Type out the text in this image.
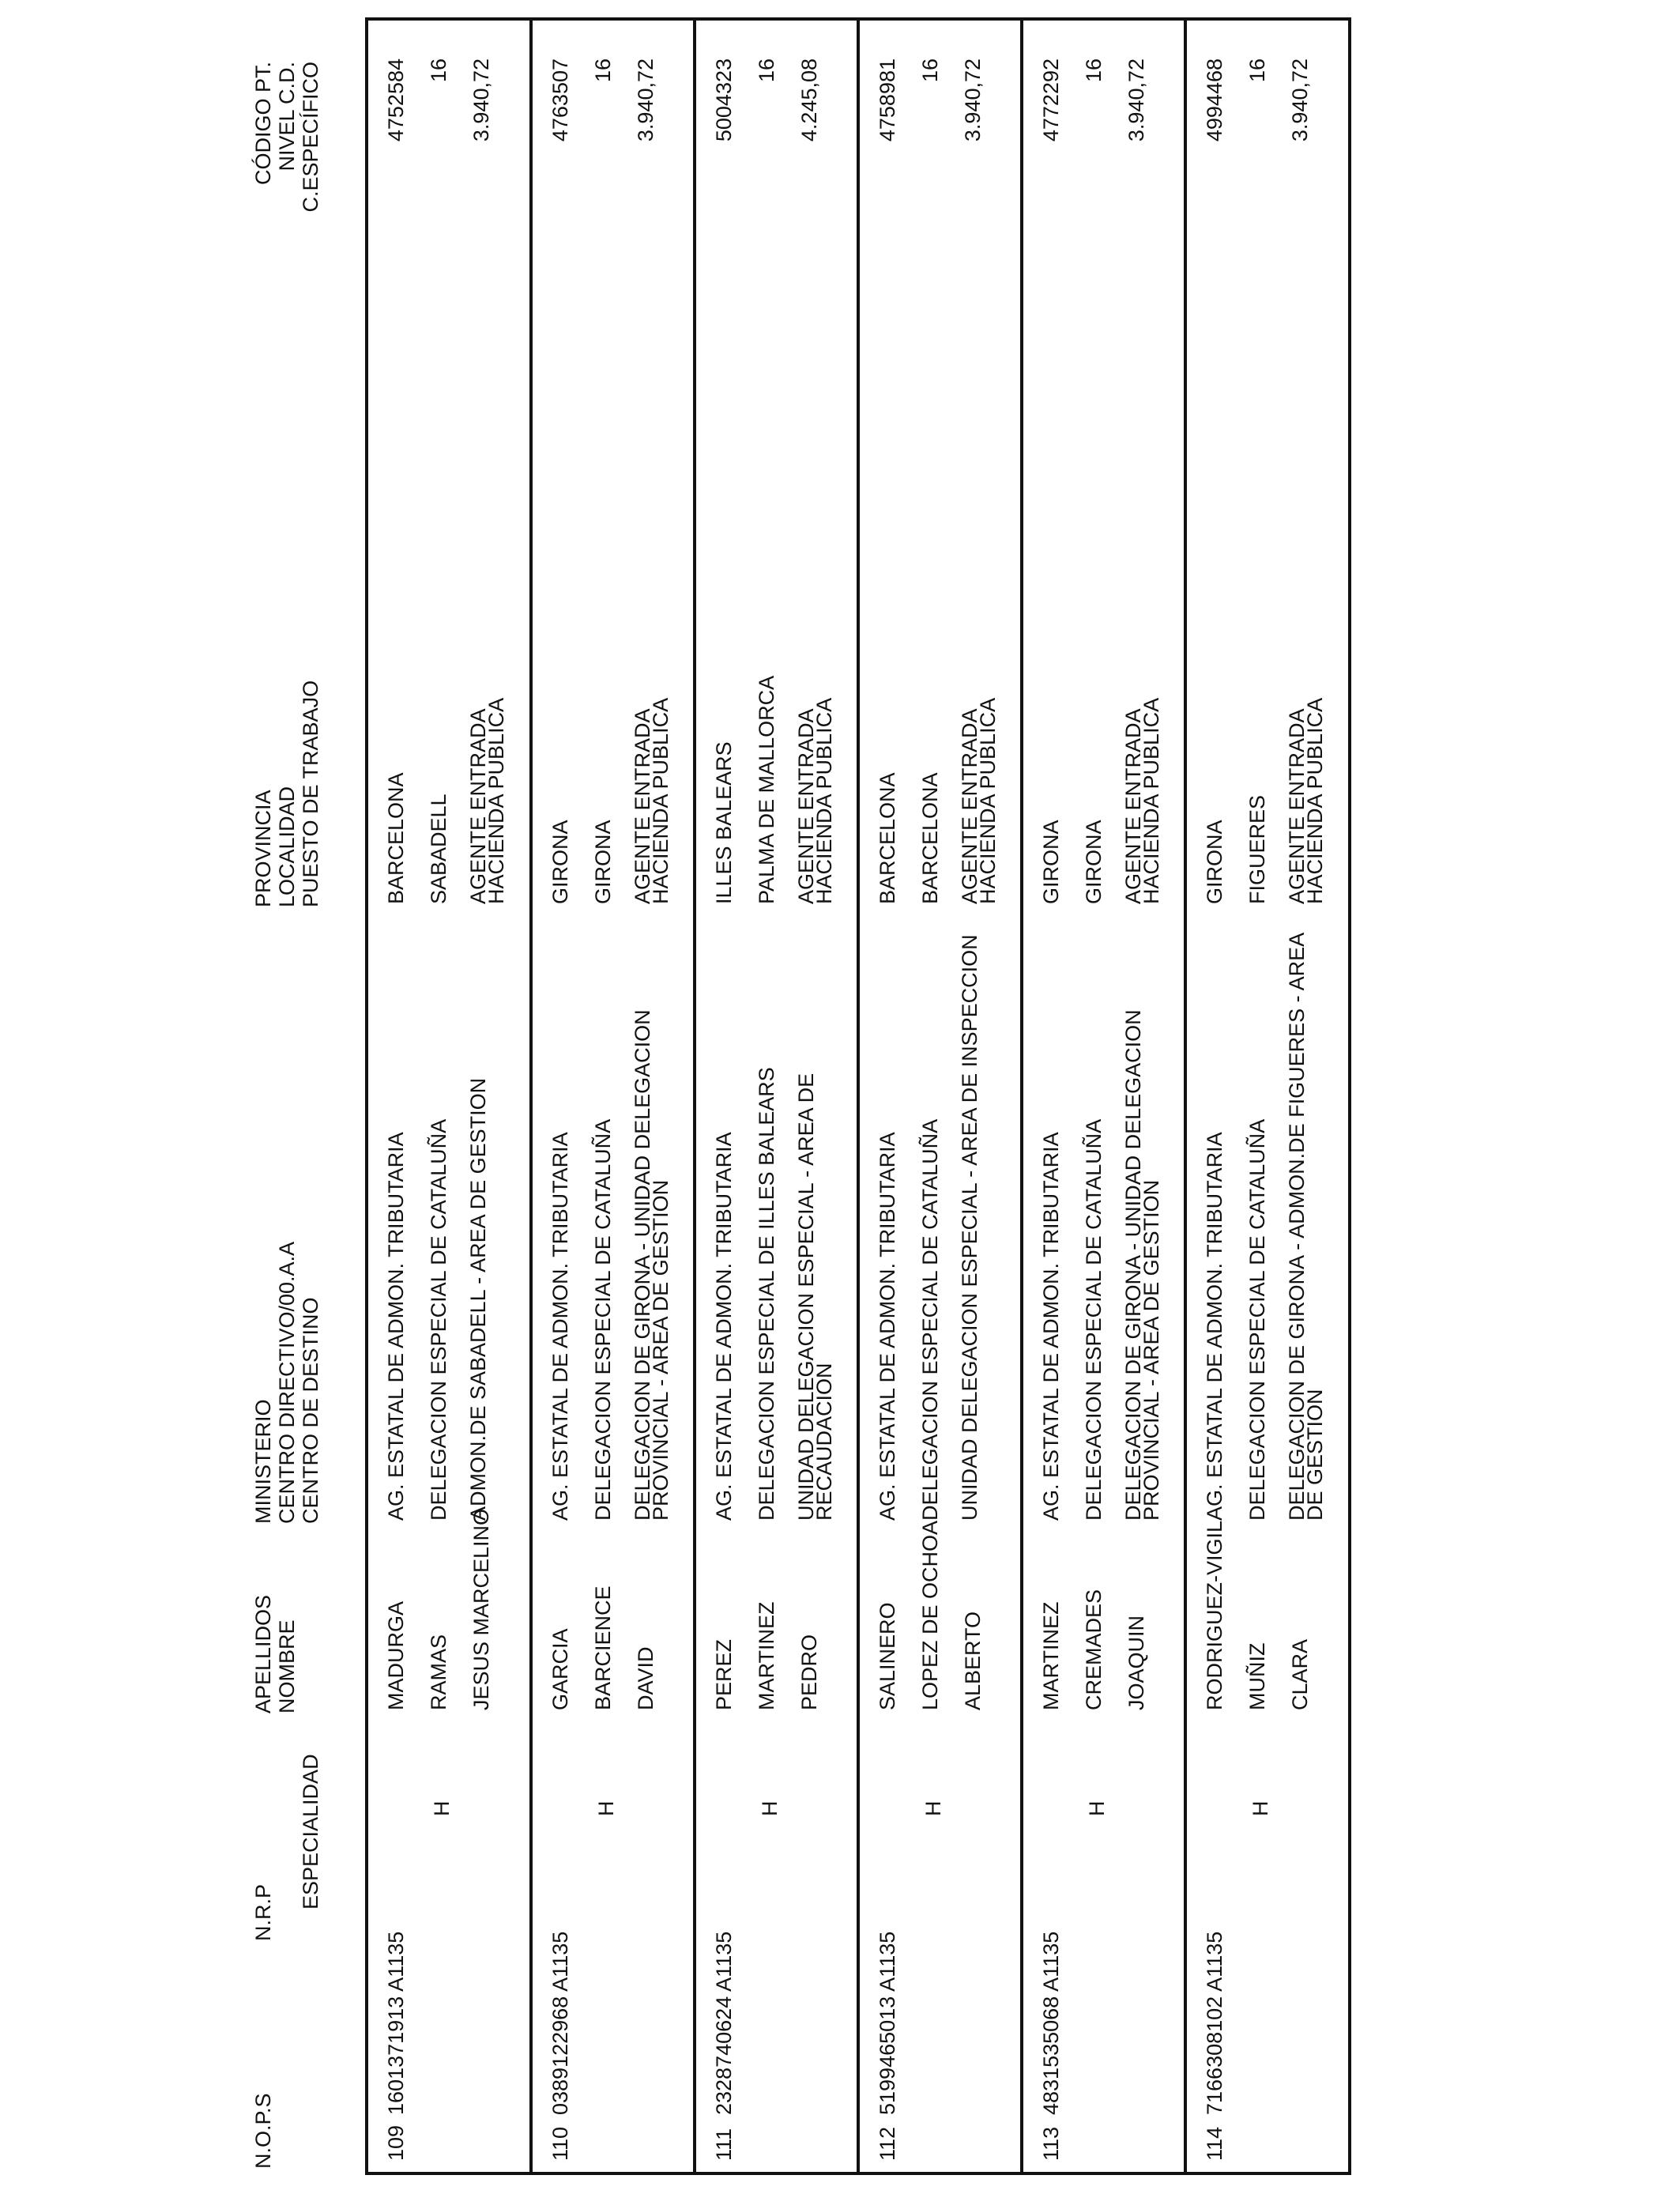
N.O.P.S
N.R.P
ESPECIALIDAD
APELLIDOS NOMBRE
MINISTERIO CENTRO DIRECTIVO/00.A.A CENTRO DE DESTINO
PROVINCIA LOCALIDAD PUESTO DE TRABAJO
CÓDIGO PT. NIVEL C.D. C.ESPECÍFICO
109
1601371913 A1135
H
MADURGA RAMAS JESUS MARCELINO
AG. ESTATAL DE ADMON. TRIBUTARIA DELEGACION ESPECIAL DE CATALUÑA ADMON.DE SABADELL - AREA DE GESTION
BARCELONA SABADELL AGENTE ENTRADA HACIENDA PUBLICA
4752584 16 3.940,72
110
0389122968 A1135
H
GARCIA BARCIENCE DAVID
AG. ESTATAL DE ADMON. TRIBUTARIA DELEGACION ESPECIAL DE CATALUÑA DELEGACION DE GIRONA - UNIDAD DELEGACION PROVINCIAL - AREA DE GESTION
GIRONA GIRONA AGENTE ENTRADA HACIENDA PUBLICA
4763507 16 3.940,72
111
2328740624 A1135
H
PEREZ MARTINEZ PEDRO
AG. ESTATAL DE ADMON. TRIBUTARIA DELEGACION ESPECIAL DE ILLES BALEARS UNIDAD DELEGACION ESPECIAL - AREA DE RECAUDACION
ILLES BALEARS PALMA DE MALLORCA AGENTE ENTRADA HACIENDA PUBLICA
5004323 16 4.245,08
112
5199465013 A1135
H
SALINERO LOPEZ DE OCHOA ALBERTO
AG. ESTATAL DE ADMON. TRIBUTARIA DELEGACION ESPECIAL DE CATALUÑA UNIDAD DELEGACION ESPECIAL - AREA DE INSPECCION
BARCELONA BARCELONA AGENTE ENTRADA HACIENDA PUBLICA
4758981 16 3.940,72
113
4831535068 A1135
H
MARTINEZ CREMADES JOAQUIN
AG. ESTATAL DE ADMON. TRIBUTARIA DELEGACION ESPECIAL DE CATALUÑA DELEGACION DE GIRONA - UNIDAD DELEGACION PROVINCIAL - AREA DE GESTION
GIRONA GIRONA AGENTE ENTRADA HACIENDA PUBLICA
4772292 16 3.940,72
114
7166308102 A1135
H
RODRIGUEZ-VIGIL MUÑIZ CLARA
AG. ESTATAL DE ADMON. TRIBUTARIA DELEGACION ESPECIAL DE CATALUÑA DELEGACION DE GIRONA - ADMON.DE FIGUERES - AREA DE GESTION
GIRONA FIGUERES AGENTE ENTRADA HACIENDA PUBLICA
4994468 16 3.940,72
